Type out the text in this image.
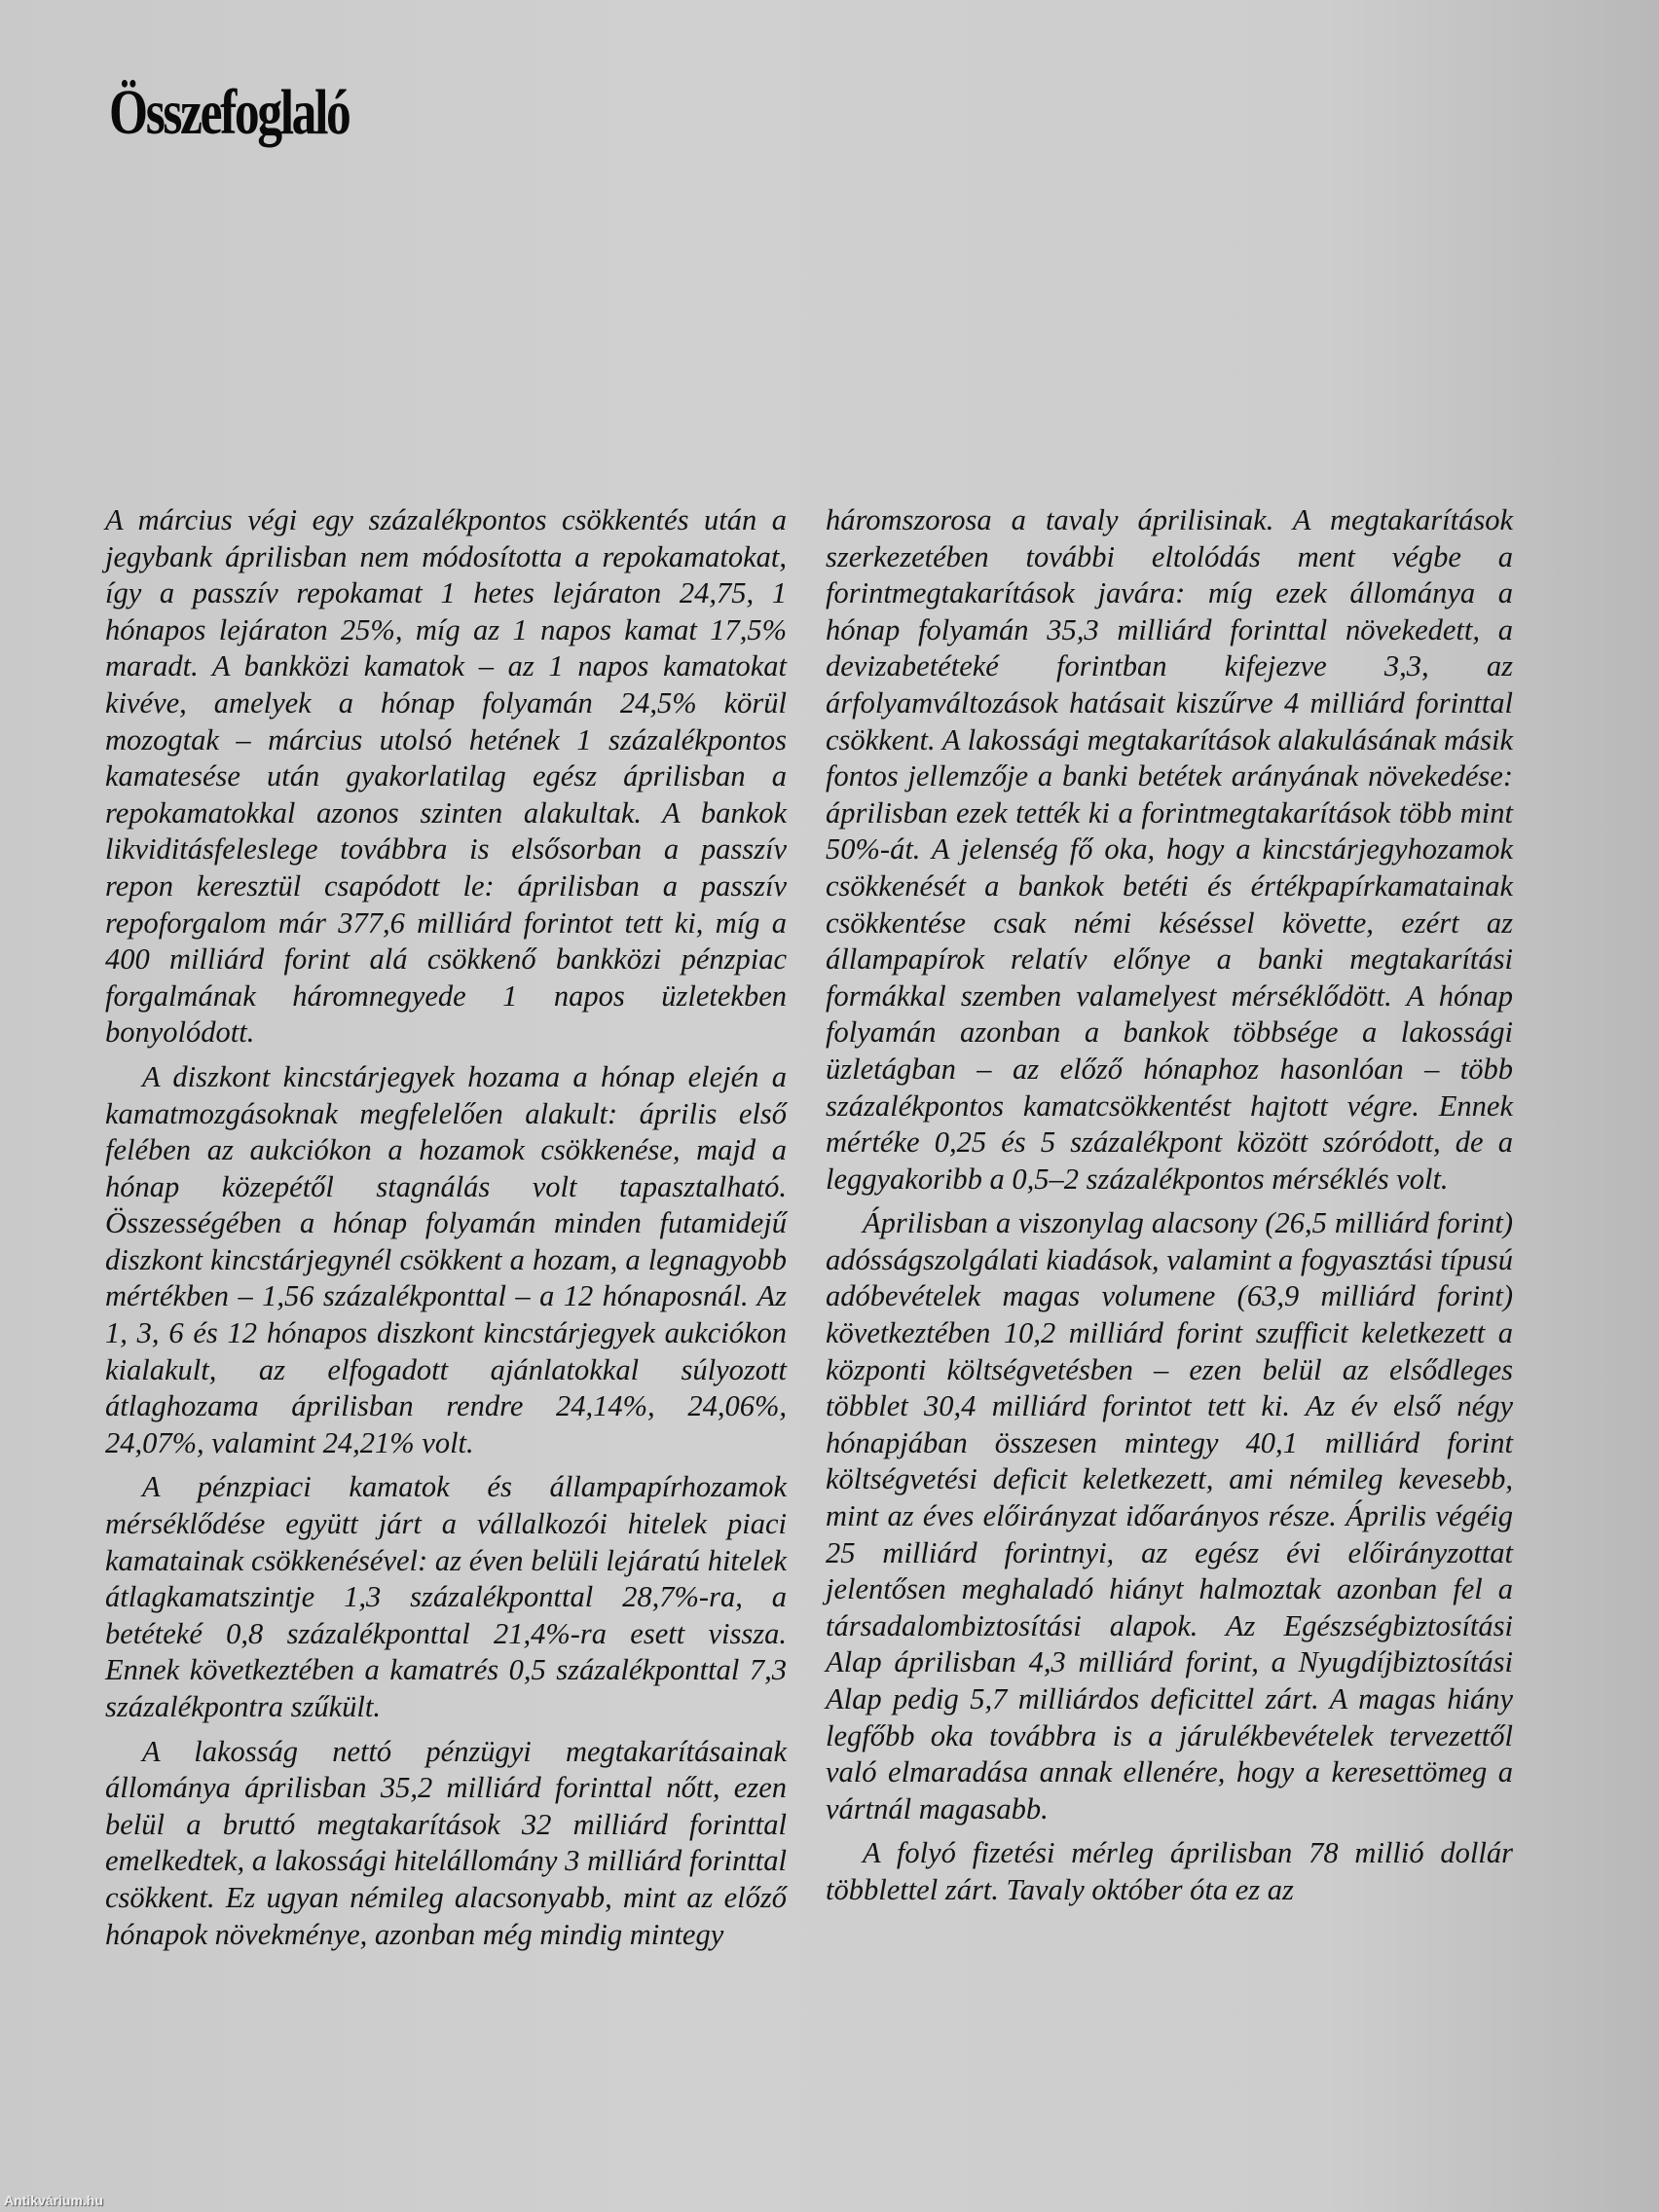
Összefoglaló

A március végi egy százalékpontos csökkentés után a jegybank áprilisban nem módosította a repokamatokat, így a passzív repokamat 1 hetes lejáraton 24,75, 1 hónapos lejáraton 25%, míg az 1 napos kamat 17,5% maradt. A bankközi kamatok – az 1 napos kamatokat kivéve, amelyek a hónap folyamán 24,5% körül mozogtak – március utolsó hetének 1 százalékpontos kamatesése után gyakorlatilag egész áprilisban a repokamatokkal azonos szinten alakultak. A bankok likviditásfeleslege továbbra is elsősorban a passzív repon keresztül csapódott le: áprilisban a passzív repoforgalom már 377,6 milliárd forintot tett ki, míg a 400 milliárd forint alá csökkenő bankközi pénzpiac forgalmának háromnegyede 1 napos üzletekben bonyolódott.

A diszkont kincstárjegyek hozama a hónap elején a kamatmozgásoknak megfelelően alakult: április első felében az aukciókon a hozamok csökkenése, majd a hónap közepétől stagnálás volt tapasztalható. Összességében a hónap folyamán minden futamidejű diszkont kincstárjegynél csökkent a hozam, a legnagyobb mértékben – 1,56 százalékponttal – a 12 hónaposnál. Az 1, 3, 6 és 12 hónapos diszkont kincstárjegyek aukciókon kialakult, az elfogadott ajánlatokkal súlyozott átlaghozama áprilisban rendre 24,14%, 24,06%, 24,07%, valamint 24,21% volt.

A pénzpiaci kamatok és állampapírhozamok mérséklődése együtt járt a vállalkozói hitelek piaci kamatainak csökkenésével: az éven belüli lejáratú hitelek átlagkamatszintje 1,3 százalékponttal 28,7%-ra, a betéteké 0,8 százalékponttal 21,4%-ra esett vissza. Ennek következtében a kamatrés 0,5 százalékponttal 7,3 százalékpontra szűkült.

A lakosság nettó pénzügyi megtakarításainak állománya áprilisban 35,2 milliárd forinttal nőtt, ezen belül a bruttó megtakarítások 32 milliárd forinttal emelkedtek, a lakossági hitelállomány 3 milliárd forinttal csökkent. Ez ugyan némileg alacsonyabb, mint az előző hónapok növekménye, azonban még mindig mintegy

háromszorosa a tavaly áprilisinak. A megtakarítások szerkezetében további eltolódás ment végbe a forintmegtakarítások javára: míg ezek állománya a hónap folyamán 35,3 milliárd forinttal növekedett, a devizabetéteké forintban kifejezve 3,3, az árfolyamváltozások hatásait kiszűrve 4 milliárd forinttal csökkent. A lakossági megtakarítások alakulásának másik fontos jellemzője a banki betétek arányának növekedése: áprilisban ezek tették ki a forintmegtakarítások több mint 50%-át. A jelenség fő oka, hogy a kincstárjegyhozamok csökkenését a bankok betéti és értékpapírkamatainak csökkentése csak némi késéssel követte, ezért az állampapírok relatív előnye a banki megtakarítási formákkal szemben valamelyest mérséklődött. A hónap folyamán azonban a bankok többsége a lakossági üzletágban – az előző hónaphoz hasonlóan – több százalékpontos kamatcsökkentést hajtott végre. Ennek mértéke 0,25 és 5 százalékpont között szóródott, de a leggyakoribb a 0,5–2 százalékpontos mérséklés volt.

Áprilisban a viszonylag alacsony (26,5 milliárd forint) adósságszolgálati kiadások, valamint a fogyasztási típusú adóbevételek magas volumene (63,9 milliárd forint) következtében 10,2 milliárd forint szufficit keletkezett a központi költségvetésben – ezen belül az elsődleges többlet 30,4 milliárd forintot tett ki. Az év első négy hónapjában összesen mintegy 40,1 milliárd forint költségvetési deficit keletkezett, ami némileg kevesebb, mint az éves előirányzat időarányos része. Április végéig 25 milliárd forintnyi, az egész évi előirányzottat jelentősen meghaladó hiányt halmoztak azonban fel a társadalombiztosítási alapok. Az Egészségbiztosítási Alap áprilisban 4,3 milliárd forint, a Nyugdíjbiztosítási Alap pedig 5,7 milliárdos deficittel zárt. A magas hiány legfőbb oka továbbra is a járulékbevételek tervezettől való elmaradása annak ellenére, hogy a keresettömeg a vártnál magasabb.

A folyó fizetési mérleg áprilisban 78 millió dollár többlettel zárt. Tavaly október óta ez az

Antikvárium.hu
